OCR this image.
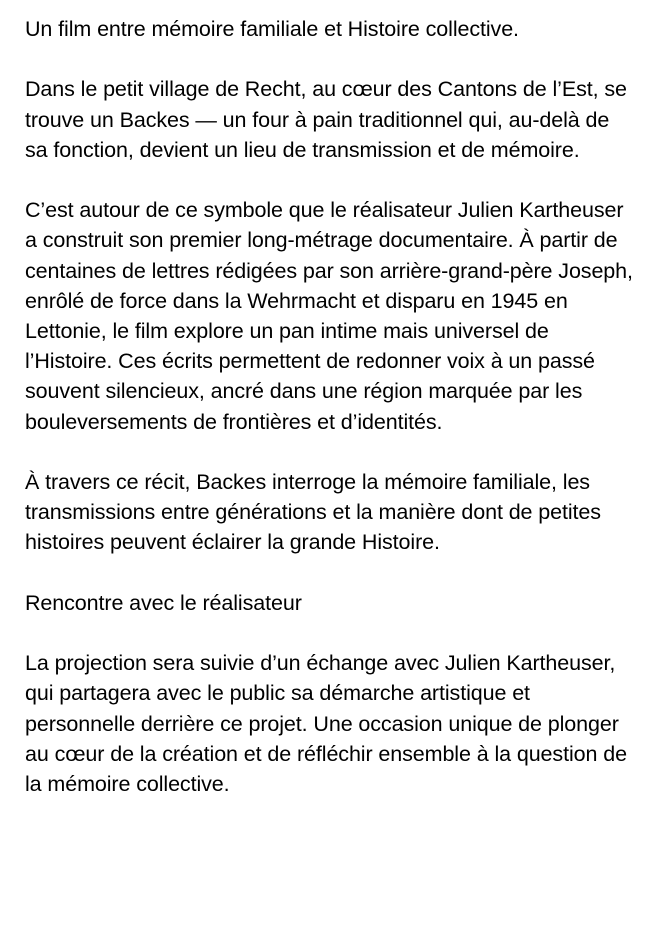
Un film entre mémoire familiale et Histoire collective.

Dans le petit village de Recht, au cœur des Cantons de l’Est, se trouve un Backes — un four à pain traditionnel qui, au-delà de sa fonction, devient un lieu de transmission et de mémoire.

C’est autour de ce symbole que le réalisateur Julien Kartheuser a construit son premier long-métrage documentaire. À partir de centaines de lettres rédigées par son arrière-grand-père Joseph, enrôlé de force dans la Wehrmacht et disparu en 1945 en Lettonie, le film explore un pan intime mais universel de l’Histoire. Ces écrits permettent de redonner voix à un passé souvent silencieux, ancré dans une région marquée par les bouleversements de frontières et d’identités.

À travers ce récit, Backes interroge la mémoire familiale, les transmissions entre générations et la manière dont de petites histoires peuvent éclairer la grande Histoire.

Rencontre avec le réalisateur

La projection sera suivie d’un échange avec Julien Kartheuser, qui partagera avec le public sa démarche artistique et personnelle derrière ce projet. Une occasion unique de plonger au cœur de la création et de réfléchir ensemble à la question de la mémoire collective.
